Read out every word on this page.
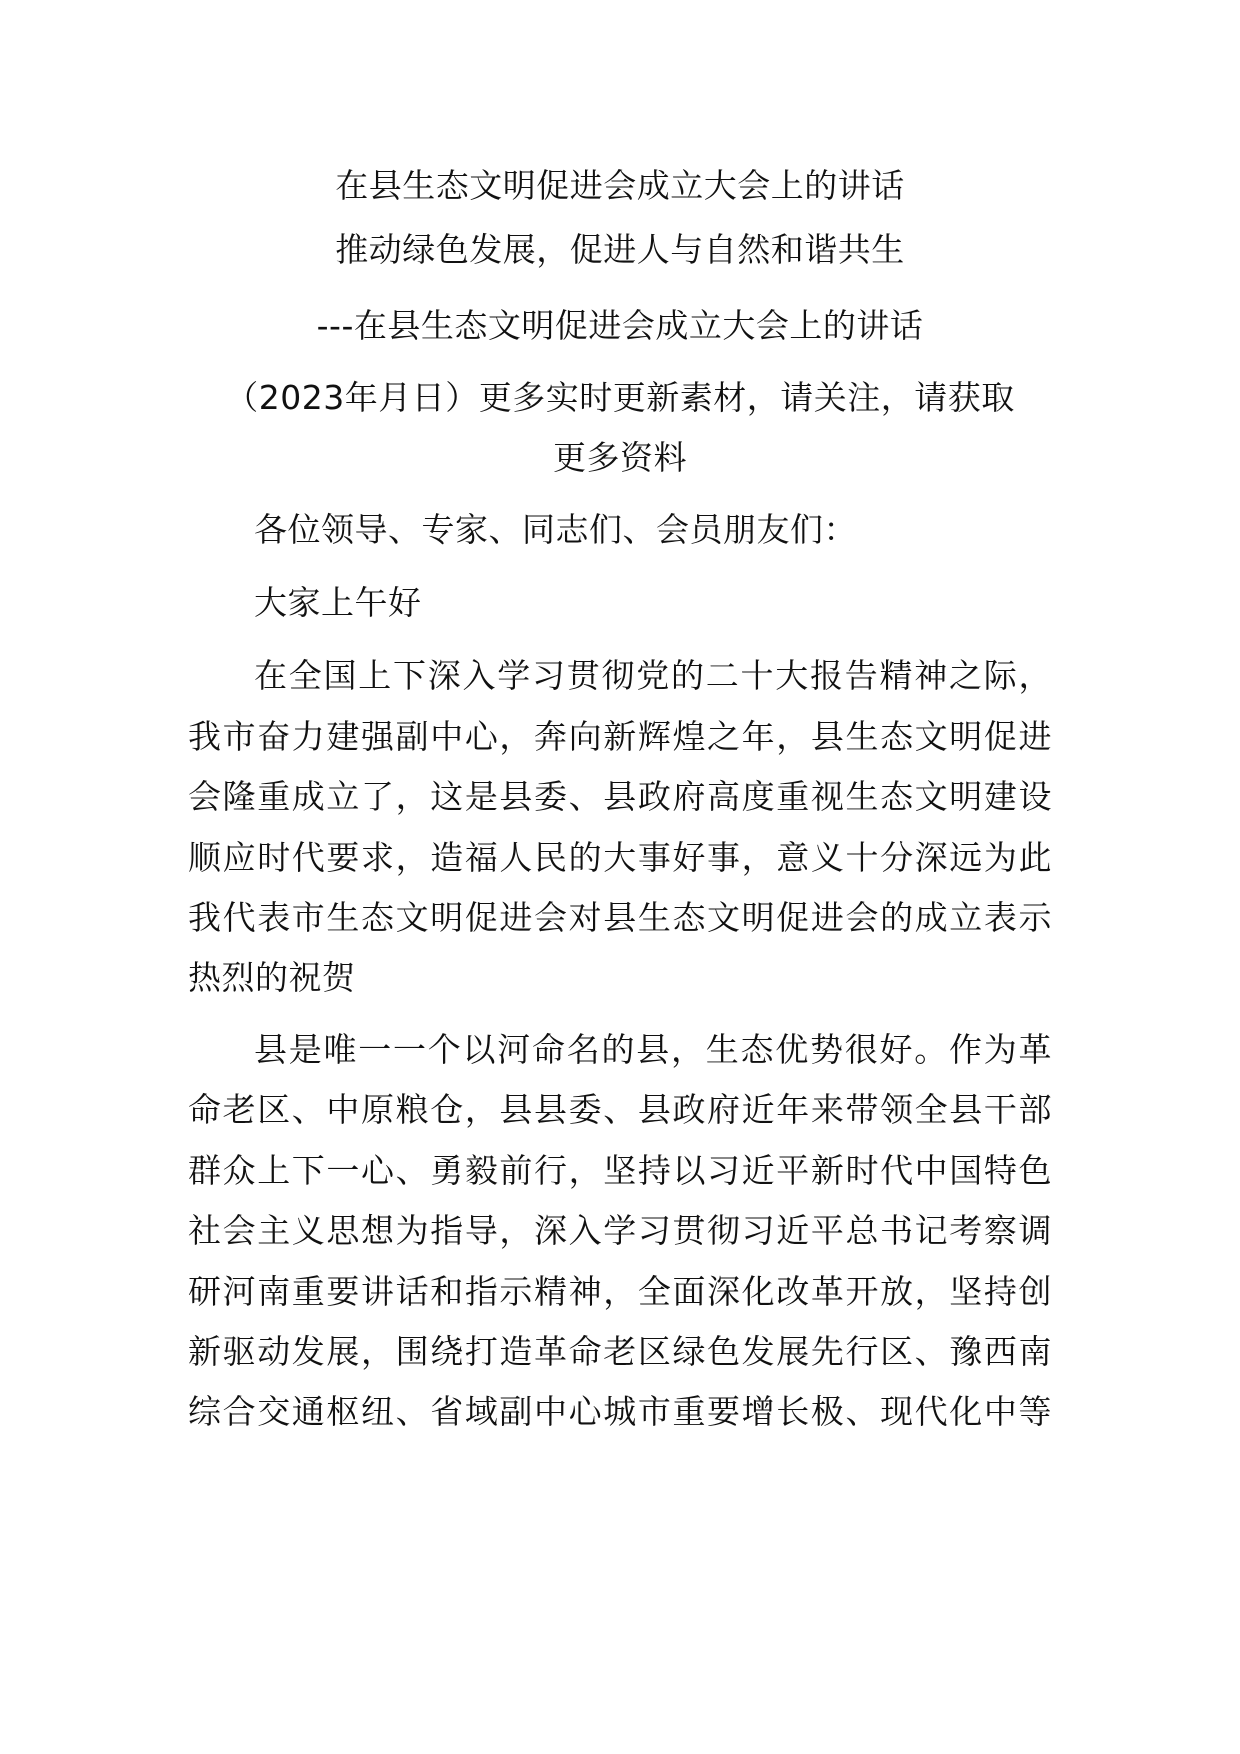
在县生态文明促进会成立大会上的讲话
推动绿色发展，促进人与自然和谐共生
---在县生态文明促进会成立大会上的讲话
（2023年月日）更多实时更新素材，请关注，请获取
更多资料
各位领导、专家、同志们、会员朋友们：
大家上午好
在全国上下深入学习贯彻党的二十大报告精神之际，
我市奋力建强副中心，奔向新辉煌之年，县生态文明促进
会隆重成立了，这是县委、县政府高度重视生态文明建设
顺应时代要求，造福人民的大事好事，意义十分深远为此
我代表市生态文明促进会对县生态文明促进会的成立表示
热烈的祝贺
县是唯一一个以河命名的县，生态优势很好。作为革
命老区、中原粮仓，县县委、县政府近年来带领全县干部
群众上下一心、勇毅前行，坚持以习近平新时代中国特色
社会主义思想为指导，深入学习贯彻习近平总书记考察调
研河南重要讲话和指示精神，全面深化改革开放，坚持创
新驱动发展，围绕打造革命老区绿色发展先行区、豫西南
综合交通枢纽、省域副中心城市重要增长极、现代化中等
